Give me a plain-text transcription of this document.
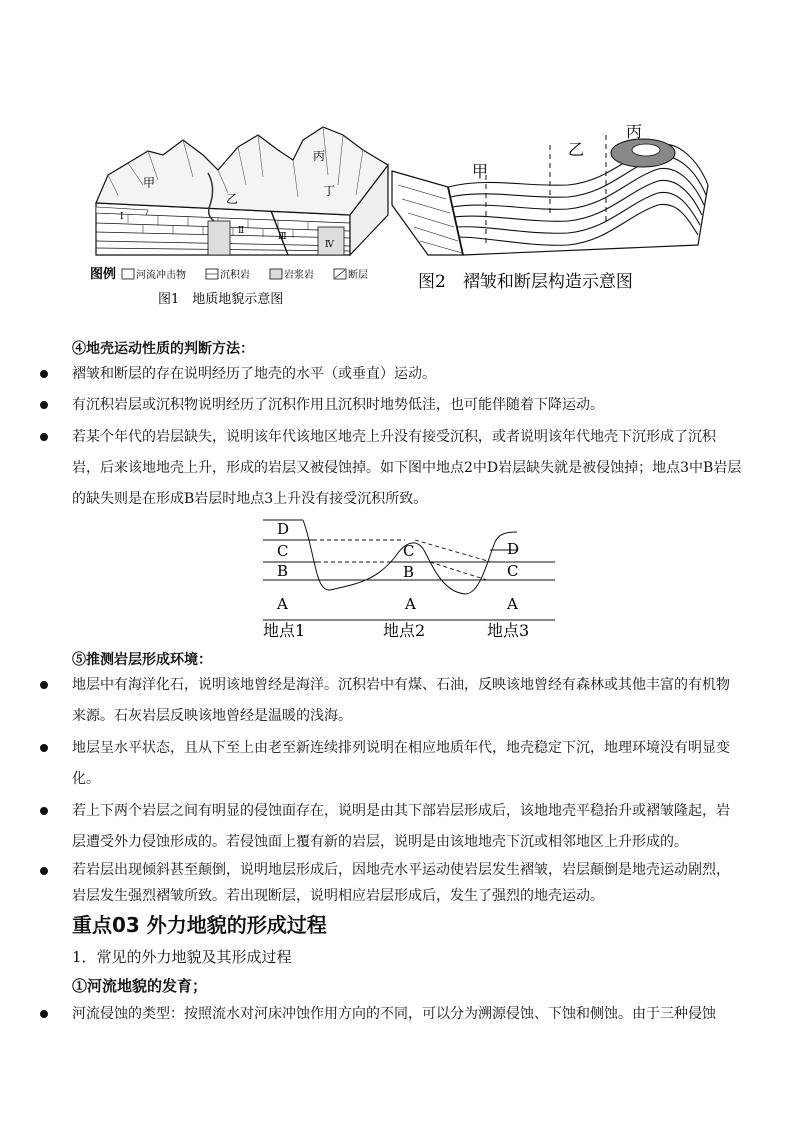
甲
乙
丙
丁
Ⅰ
Ⅱ
Ⅲ
Ⅳ
图例 河流冲击物	沉积岩	岩浆岩	断层
图1　地质地貌示意图
甲
乙
丙
图2　褶皱和断层构造示意图
④地壳运动性质的判断方法：
褶皱和断层的存在说明经历了地壳的水平（或垂直）运动。
有沉积岩层或沉积物说明经历了沉积作用且沉积时地势低洼，也可能伴随着下降运动。
若某个年代的岩层缺失，说明该年代该地区地壳上升没有接受沉积，或者说明该年代地壳下沉形成了沉积岩，后来该地地壳上升，形成的岩层又被侵蚀掉。如下图中地点2中D岩层缺失就是被侵蚀掉；地点3中B岩层的缺失则是在形成B岩层时地点3上升没有接受沉积所致。
D
C
B
A
C
B
A
D
C
A
地点1	地点2	地点3
⑤推测岩层形成环境：
地层中有海洋化石，说明该地曾经是海洋。沉积岩中有煤、石油，反映该地曾经有森林或其他丰富的有机物来源。石灰岩层反映该地曾经是温暖的浅海。
地层呈水平状态，且从下至上由老至新连续排列说明在相应地质年代，地壳稳定下沉，地理环境没有明显变化。
若上下两个岩层之间有明显的侵蚀面存在，说明是由其下部岩层形成后，该地地壳平稳抬升或褶皱隆起，岩层遭受外力侵蚀形成的。若侵蚀面上覆有新的岩层，说明是由该地地壳下沉或相邻地区上升形成的。
若岩层出现倾斜甚至颠倒，说明地层形成后，因地壳水平运动使岩层发生褶皱，岩层颠倒是地壳运动剧烈，岩层发生强烈褶皱所致。若出现断层，说明相应岩层形成后，发生了强烈的地壳运动。
重点03 外力地貌的形成过程
1．常见的外力地貌及其形成过程
①河流地貌的发育；
河流侵蚀的类型：按照流水对河床冲蚀作用方向的不同，可以分为溯源侵蚀、下蚀和侧蚀。由于三种侵蚀
